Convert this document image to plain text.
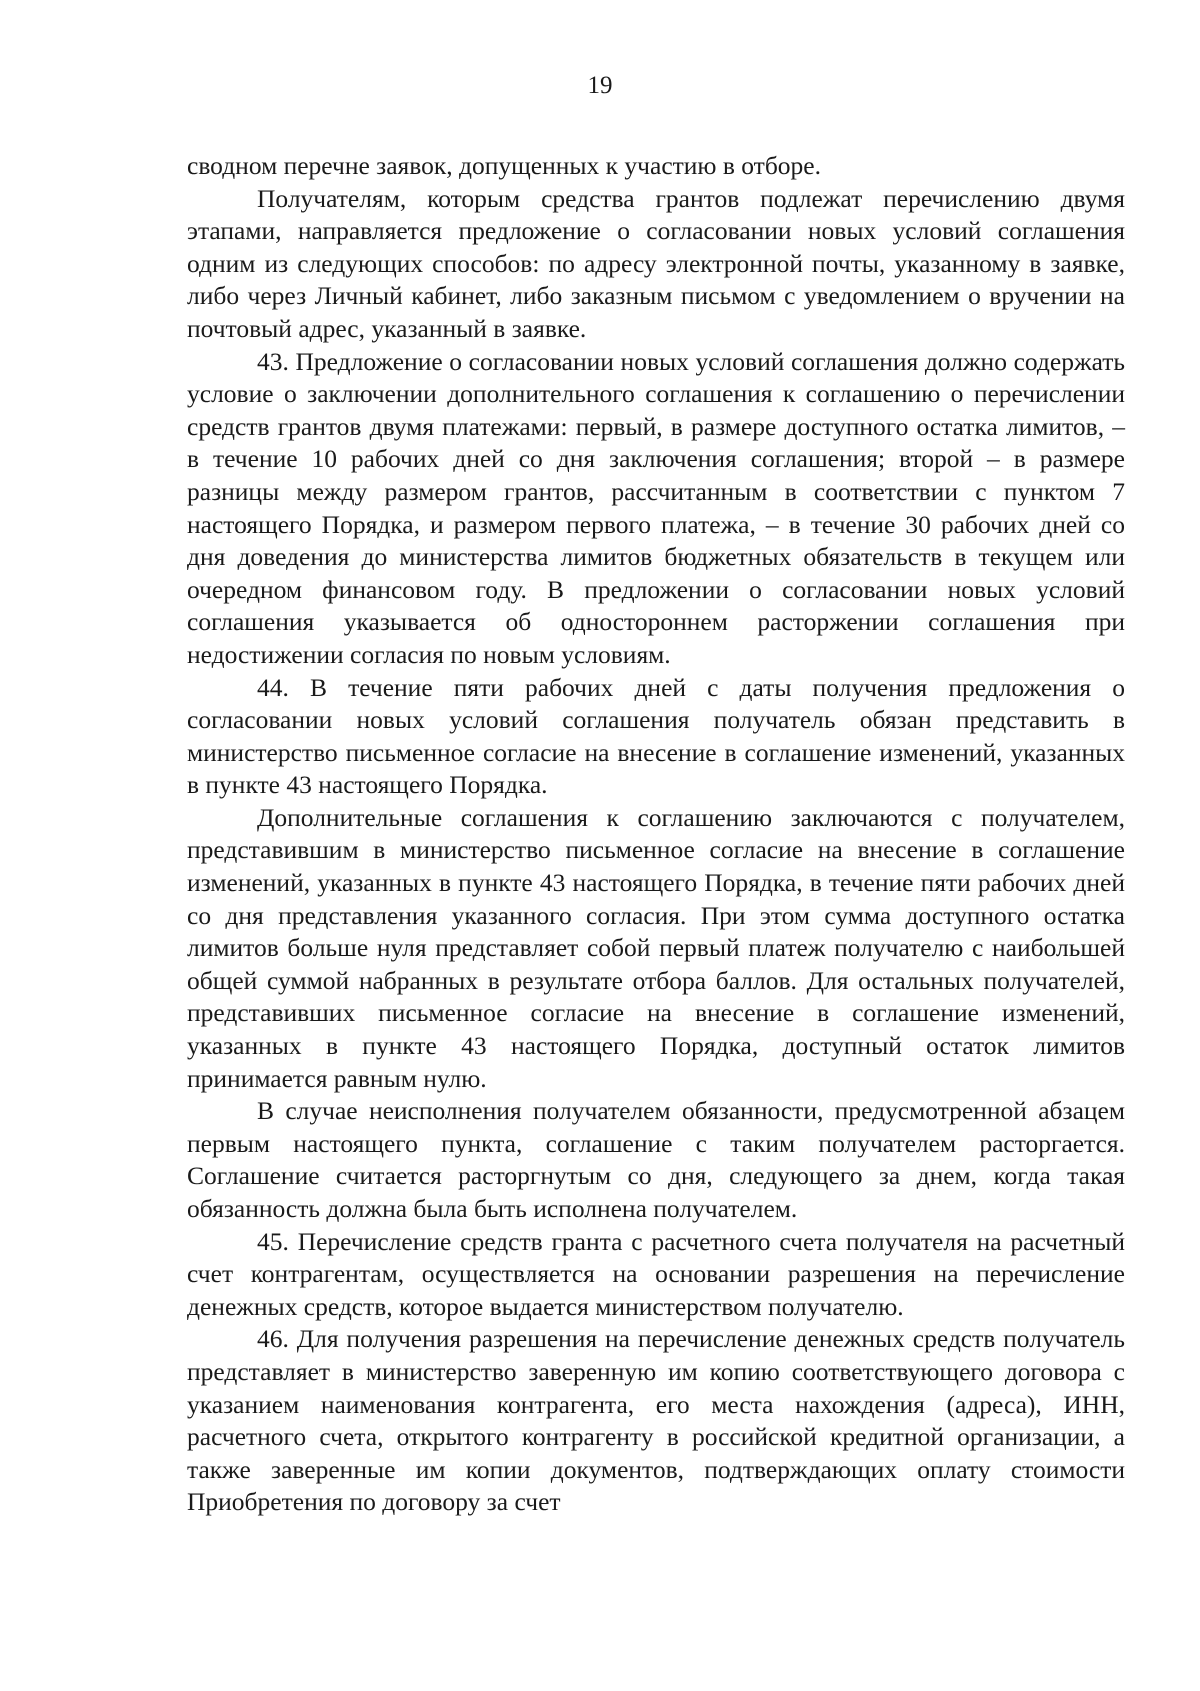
19

сводном перечне заявок, допущенных к участию в отборе.

Получателям, которым средства грантов подлежат перечислению двумя этапами, направляется предложение о согласовании новых условий соглашения одним из следующих способов: по адресу электронной почты, указанному в заявке, либо через Личный кабинет, либо заказным письмом с уведомлением о вручении на почтовый адрес, указанный в заявке.

43. Предложение о согласовании новых условий соглашения должно содержать условие о заключении дополнительного соглашения к соглашению о перечислении средств грантов двумя платежами: первый, в размере доступного остатка лимитов, – в течение 10 рабочих дней со дня заключения соглашения; второй – в размере разницы между размером грантов, рассчитанным в соответствии с пунктом 7 настоящего Порядка, и размером первого платежа, – в течение 30 рабочих дней со дня доведения до министерства лимитов бюджетных обязательств в текущем или очередном финансовом году. В предложении о согласовании новых условий соглашения указывается об одностороннем расторжении соглашения при недостижении согласия по новым условиям.

44. В течение пяти рабочих дней с даты получения предложения о согласовании новых условий соглашения получатель обязан представить в министерство письменное согласие на внесение в соглашение изменений, указанных в пункте 43 настоящего Порядка.

Дополнительные соглашения к соглашению заключаются с получателем, представившим в министерство письменное согласие на внесение в соглашение изменений, указанных в пункте 43 настоящего Порядка, в течение пяти рабочих дней со дня представления указанного согласия. При этом сумма доступного остатка лимитов больше нуля представляет собой первый платеж получателю с наибольшей общей суммой набранных в результате отбора баллов. Для остальных получателей, представивших письменное согласие на внесение в соглашение изменений, указанных в пункте 43 настоящего Порядка, доступный остаток лимитов принимается равным нулю.

В случае неисполнения получателем обязанности, предусмотренной абзацем первым настоящего пункта, соглашение с таким получателем расторгается. Соглашение считается расторгнутым со дня, следующего за днем, когда такая обязанность должна была быть исполнена получателем.

45. Перечисление средств гранта с расчетного счета получателя на расчетный счет контрагентам, осуществляется на основании разрешения на перечисление денежных средств, которое выдается министерством получателю.

46. Для получения разрешения на перечисление денежных средств получатель представляет в министерство заверенную им копию соответствующего договора с указанием наименования контрагента, его места нахождения (адреса), ИНН, расчетного счета, открытого контрагенту в российской кредитной организации, а также заверенные им копии документов, подтверждающих оплату стоимости Приобретения по договору за счет
